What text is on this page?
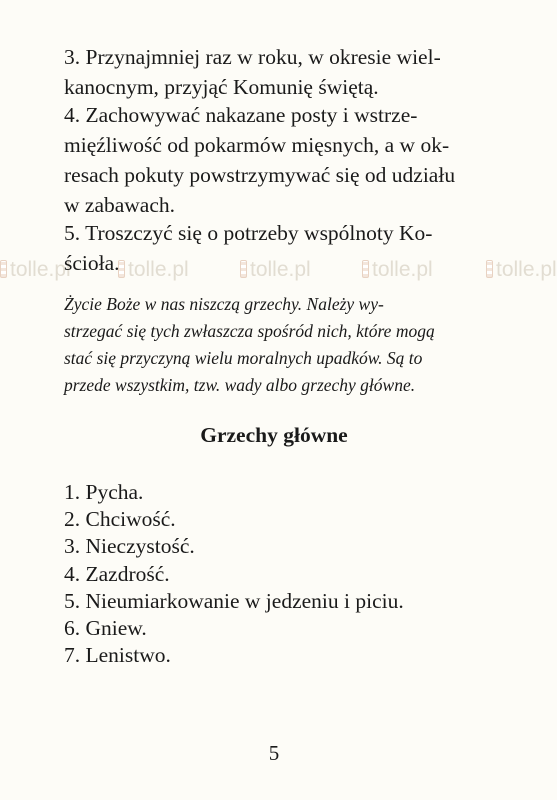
tolle.pl	tolle.pl	tolle.pl	tolle.pl	tolle.pl

3. Przynajmniej raz w roku, w okresie wiel-
kanocnym, przyjąć Komunię świętą.

4. Zachowywać nakazane posty i wstrze-
mięźliwość od pokarmów mięsnych, a w ok-
resach pokuty powstrzymywać się od udziału
w zabawach.

5. Troszczyć się o potrzeby wspólnoty Ko-
ścioła.

Życie Boże w nas niszczą grzechy. Należy wy-
strzegać się tych zwłaszcza spośród nich, które mogą
stać się przyczyną wielu moralnych upadków. Są to
przede wszystkim, tzw. wady albo grzechy główne.

Grzechy główne
1. Pycha.
2. Chciwość.
3. Nieczystość.
4. Zazdrość.
5. Nieumiarkowanie w jedzeniu i piciu.
6. Gniew.
7. Lenistwo.
5
